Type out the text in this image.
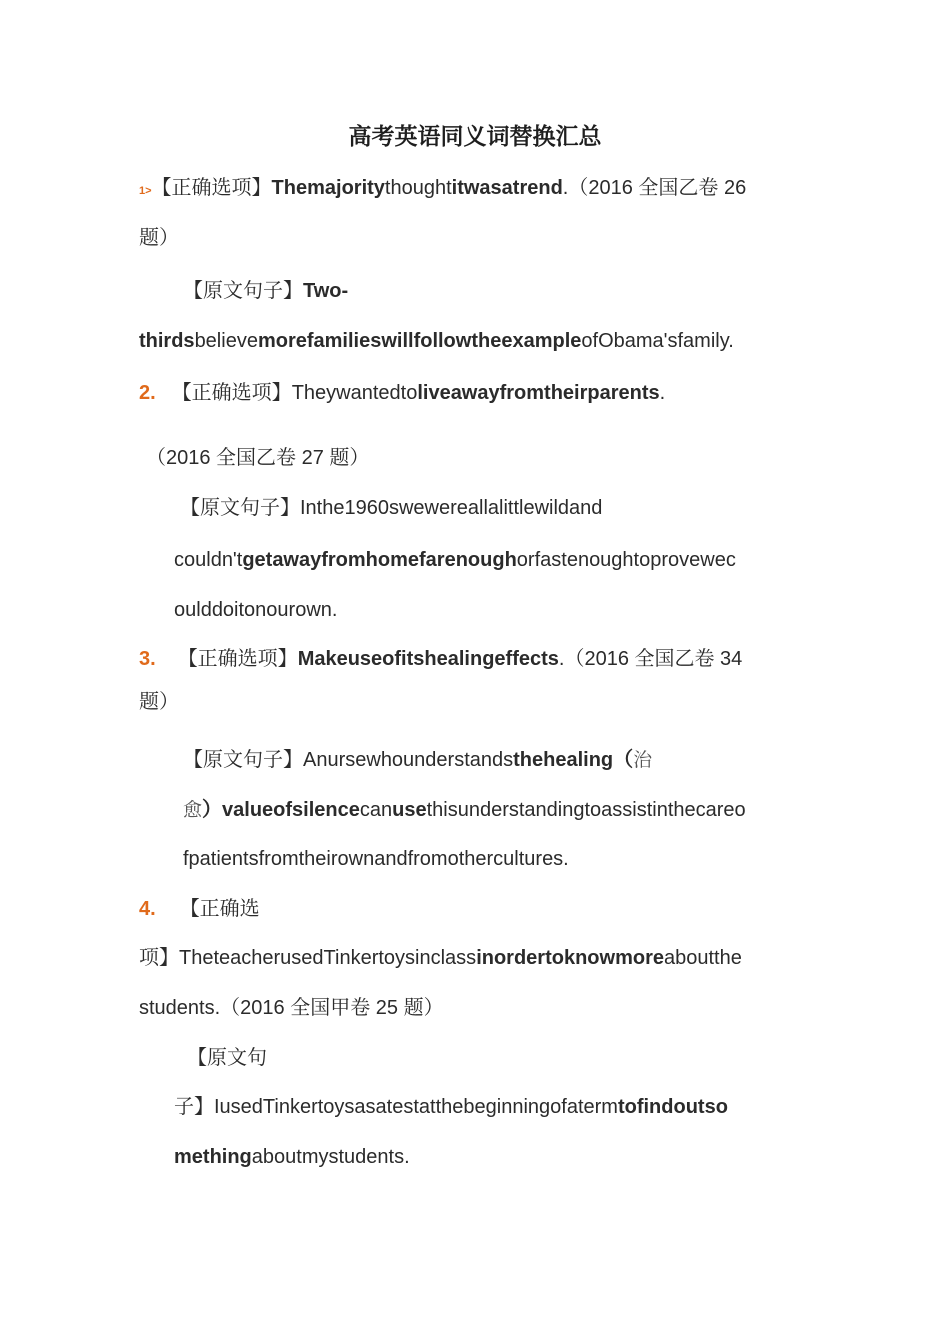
高考英语同义词替换汇总
1>【正确选项】Themajoritythoughtitwasatrend.（2016 全国乙卷 26
题）
【原文句子】Two-
thirdsbelievemorefamilieswillfollowtheexampleofObama'sfamily.
2. 【正确选项】Theywantedtoliveawayfromtheirparents.
（2016 全国乙卷 27 题）
【原文句子】Inthe1960swewereallalittlewildand
couldn'tgetawayfromhomefarenoughorfastenoughtoprovewec
oulddoitonourown.
3. 【正确选项】Makeuseofitshealingeffects.（2016 全国乙卷 34
题）
【原文句子】Anursewhounderstandsthehealing（治
愈）valueofsilencecanusethisunderstandingtoassistinthecareo
fpatientsfromtheirownandfromothercultures.
4. 【正确选
项】TheteacherusedTinkertoysinclassinordertoknowmoreaboutthe
students.（2016 全国甲卷 25 题）
【原文句
子】IusedTinkertoysasatestatthebeginningofatermtofindoutso
methingaboutmystudents.
